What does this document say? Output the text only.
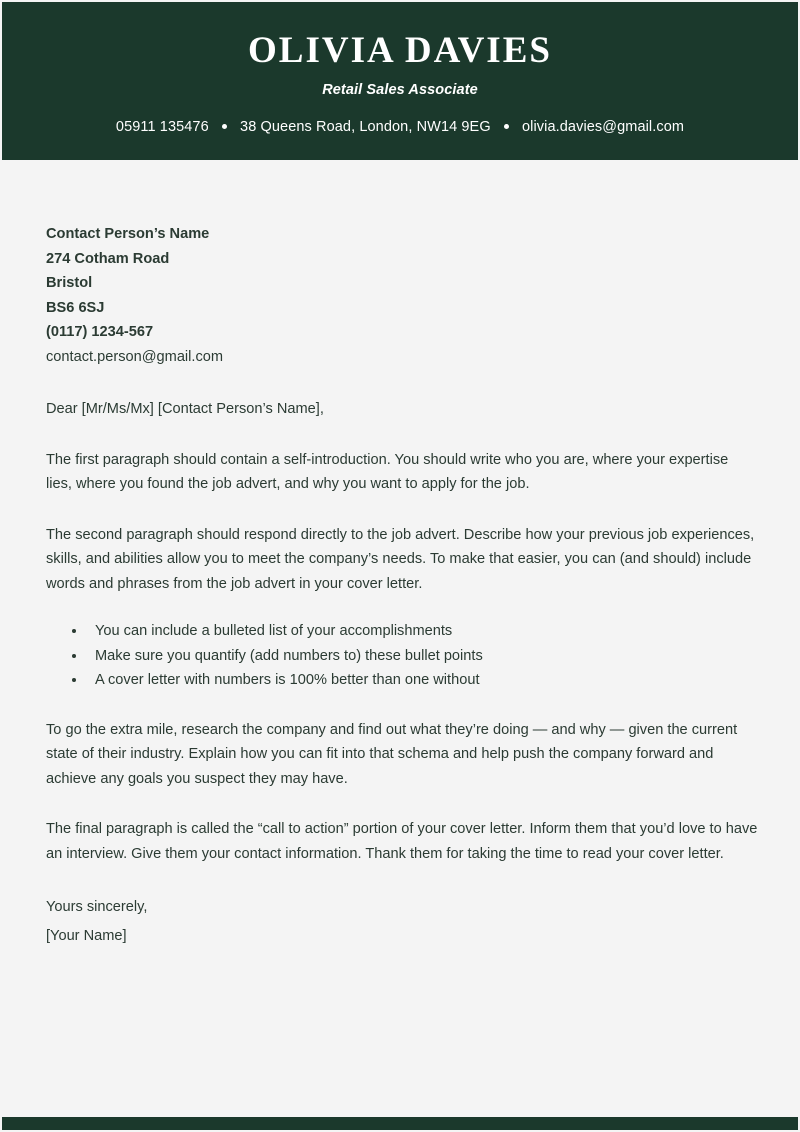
OLIVIA DAVIES
Retail Sales Associate
05911 135476 38 Queens Road, London, NW14 9EG olivia.davies@gmail.com
Contact Person’s Name
274 Cotham Road
Bristol
BS6 6SJ
(0117) 1234-567
contact.person@gmail.com
Dear [Mr/Ms/Mx] [Contact Person’s Name],
The first paragraph should contain a self-introduction. You should write who you are, where your expertise lies, where you found the job advert, and why you want to apply for the job.
The second paragraph should respond directly to the job advert. Describe how your previous job experiences, skills, and abilities allow you to meet the company’s needs. To make that easier, you can (and should) include words and phrases from the job advert in your cover letter.
You can include a bulleted list of your accomplishments
Make sure you quantify (add numbers to) these bullet points
A cover letter with numbers is 100% better than one without
To go the extra mile, research the company and find out what they’re doing — and why — given the current state of their industry. Explain how you can fit into that schema and help push the company forward and achieve any goals you suspect they may have.
The final paragraph is called the “call to action” portion of your cover letter. Inform them that you’d love to have an interview. Give them your contact information. Thank them for taking the time to read your cover letter.
Yours sincerely,
[Your Name]
